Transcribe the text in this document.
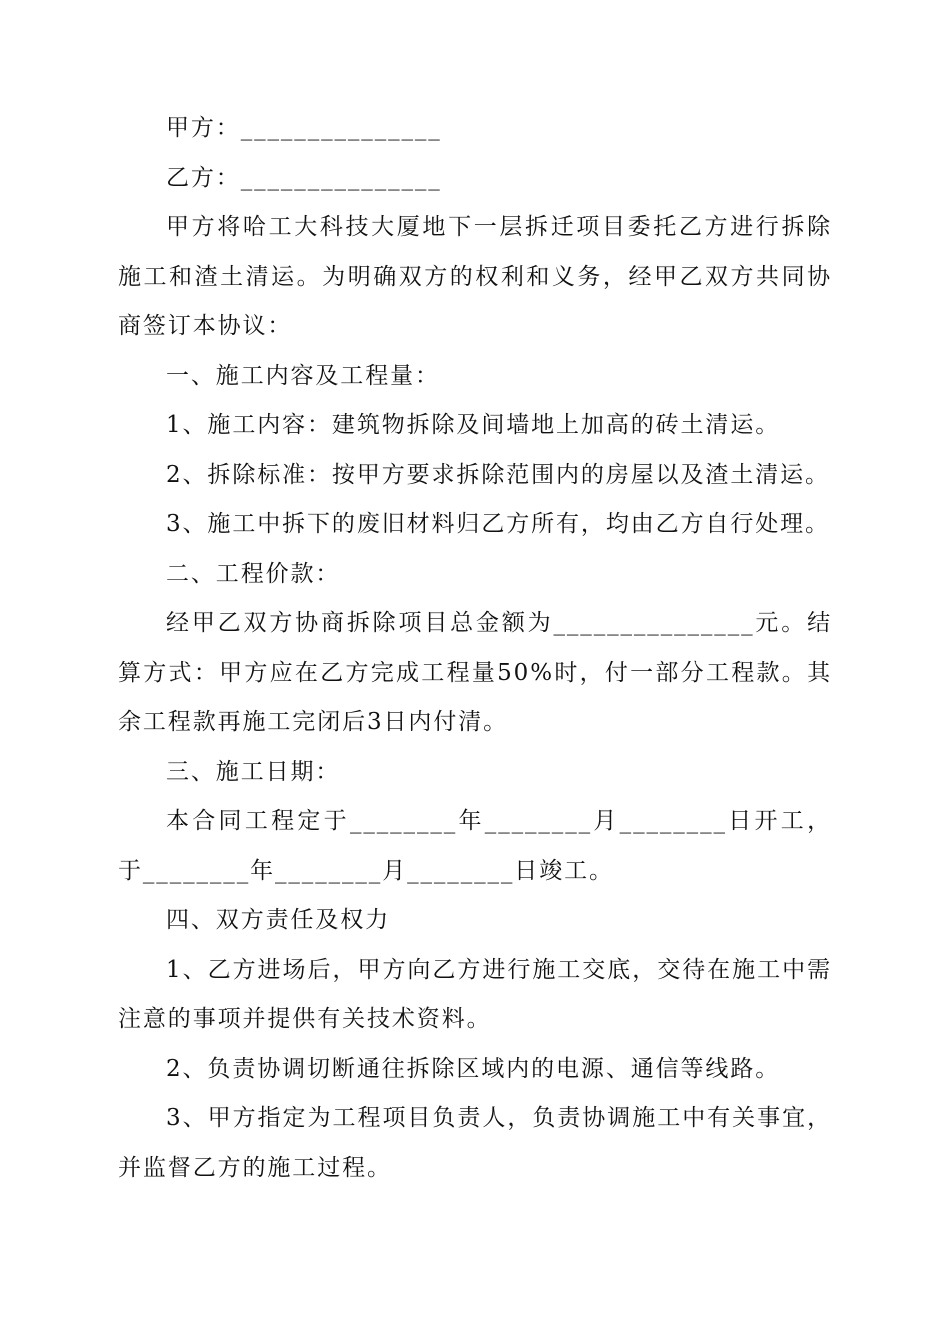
甲方：_______________

乙方：_______________

甲方将哈工大科技大厦地下一层拆迁项目委托乙方进行拆除施工和渣土清运。为明确双方的权利和义务，经甲乙双方共同协商签订本协议：

一、施工内容及工程量：

1、施工内容：建筑物拆除及间墙地上加高的砖土清运。

2、拆除标准：按甲方要求拆除范围内的房屋以及渣土清运。

3、施工中拆下的废旧材料归乙方所有，均由乙方自行处理。

二、工程价款：

经甲乙双方协商拆除项目总金额为_______________元。结算方式：甲方应在乙方完成工程量50%时，付一部分工程款。其余工程款再施工完闭后3日内付清。

三、施工日期：

本合同工程定于________年________月________日开工，于________年________月________日竣工。

四、双方责任及权力

1、乙方进场后，甲方向乙方进行施工交底，交待在施工中需注意的事项并提供有关技术资料。

2、负责协调切断通往拆除区域内的电源、通信等线路。

3、甲方指定为工程项目负责人，负责协调施工中有关事宜，并监督乙方的施工过程。
